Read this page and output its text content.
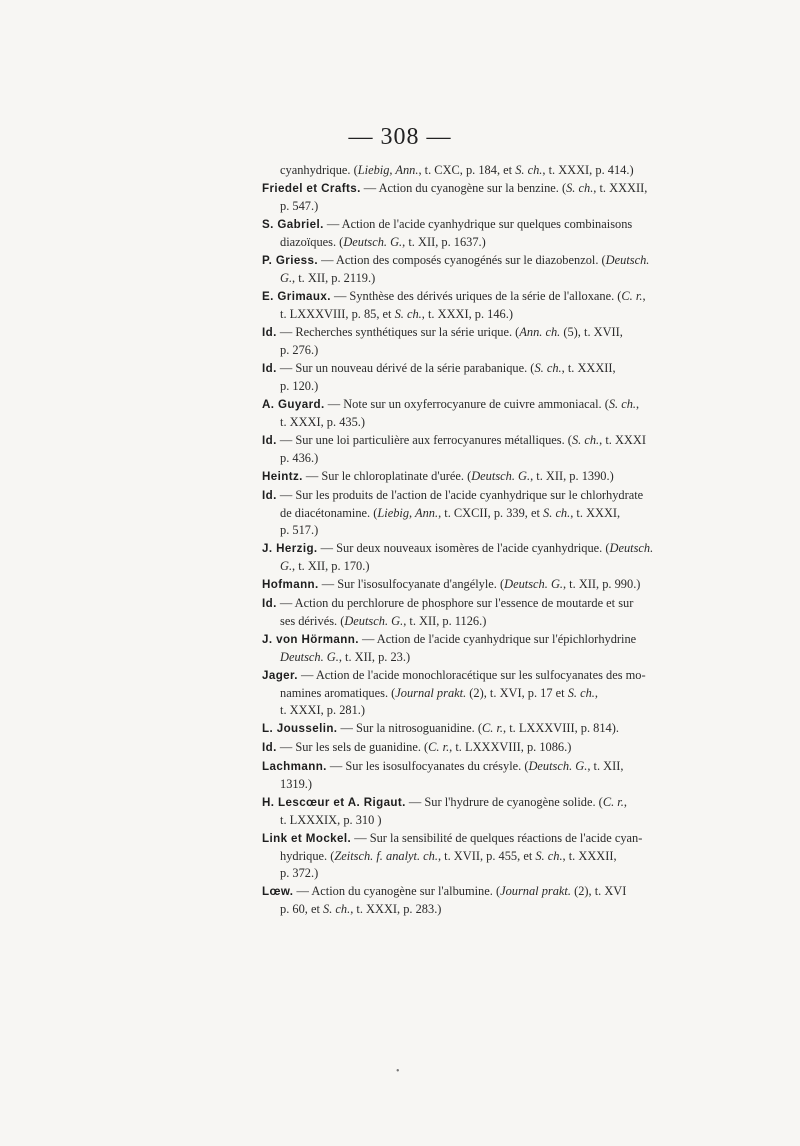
— 308 —
cyanhydrique. (Liebig, Ann., t. CXC, p. 184, et S. ch., t. XXXI, p. 414.)
Friedel et Crafts. — Action du cyanogène sur la benzine. (S. ch., t. XXXII,
p. 547.)
S. Gabriel. — Action de l'acide cyanhydrique sur quelques combinaisons
diazoïques. (Deutsch. G., t. XII, p. 1637.)
P. Griess. — Action des composés cyanogénés sur le diazobenzol. (Deutsch.
G., t. XII, p. 2119.)
E. Grimaux. — Synthèse des dérivés uriques de la série de l'alloxane. (C. r.,
t. LXXXVIII, p. 85, et S. ch., t. XXXI, p. 146.)
Id. — Recherches synthétiques sur la série urique. (Ann. ch. (5), t. XVII,
p. 276.)
Id. — Sur un nouveau dérivé de la série parabanique. (S. ch., t. XXXII,
p. 120.)
A. Guyard. — Note sur un oxyferrocyanure de cuivre ammoniacal. (S. ch.,
t. XXXI, p. 435.)
Id. — Sur une loi particulière aux ferrocyanures métalliques. (S. ch., t. XXXI
p. 436.)
Heintz. — Sur le chloroplatinate d'urée. (Deutsch. G., t. XII, p. 1390.)
Id. — Sur les produits de l'action de l'acide cyanhydrique sur le chlorhydrate
de diacétonamine. (Liebig, Ann., t. CXCII, p. 339, et S. ch., t. XXXI,
p. 517.)
J. Herzig. — Sur deux nouveaux isomères de l'acide cyanhydrique. (Deutsch.
G., t. XII, p. 170.)
Hofmann. — Sur l'isosulfocyanate d'angélyle. (Deutsch. G., t. XII, p. 990.)
Id. — Action du perchlorure de phosphore sur l'essence de moutarde et sur
ses dérivés. (Deutsch. G., t. XII, p. 1126.)
J. von Hörmann. — Action de l'acide cyanhydrique sur l'épichlorhydrine
Deutsch. G., t. XII, p. 23.)
Jager. — Action de l'acide monochloracétique sur les sulfocyanates des mo-
namines aromatiques. (Journal prakt. (2), t. XVI, p. 17 et S. ch.,
t. XXXI, p. 281.)
L. Jousselin. — Sur la nitrosoguanidine. (C. r., t. LXXXVIII, p. 814).
Id. — Sur les sels de guanidine. (C. r., t. LXXXVIII, p. 1086.)
Lachmann. — Sur les isosulfocyanates du crésyle. (Deutsch. G., t. XII,
1319.)
H. Lescœur et A. Rigaut. — Sur l'hydrure de cyanogène solide. (C. r.,
t. LXXXIX, p. 310 )
Link et Mockel. — Sur la sensibilité de quelques réactions de l'acide cyan-
hydrique. (Zeitsch. f. analyt. ch., t. XVII, p. 455, et S. ch., t. XXXII,
p. 372.)
Lœw. — Action du cyanogène sur l'albumine. (Journal prakt. (2), t. XVI
p. 60, et S. ch., t. XXXI, p. 283.)
•
